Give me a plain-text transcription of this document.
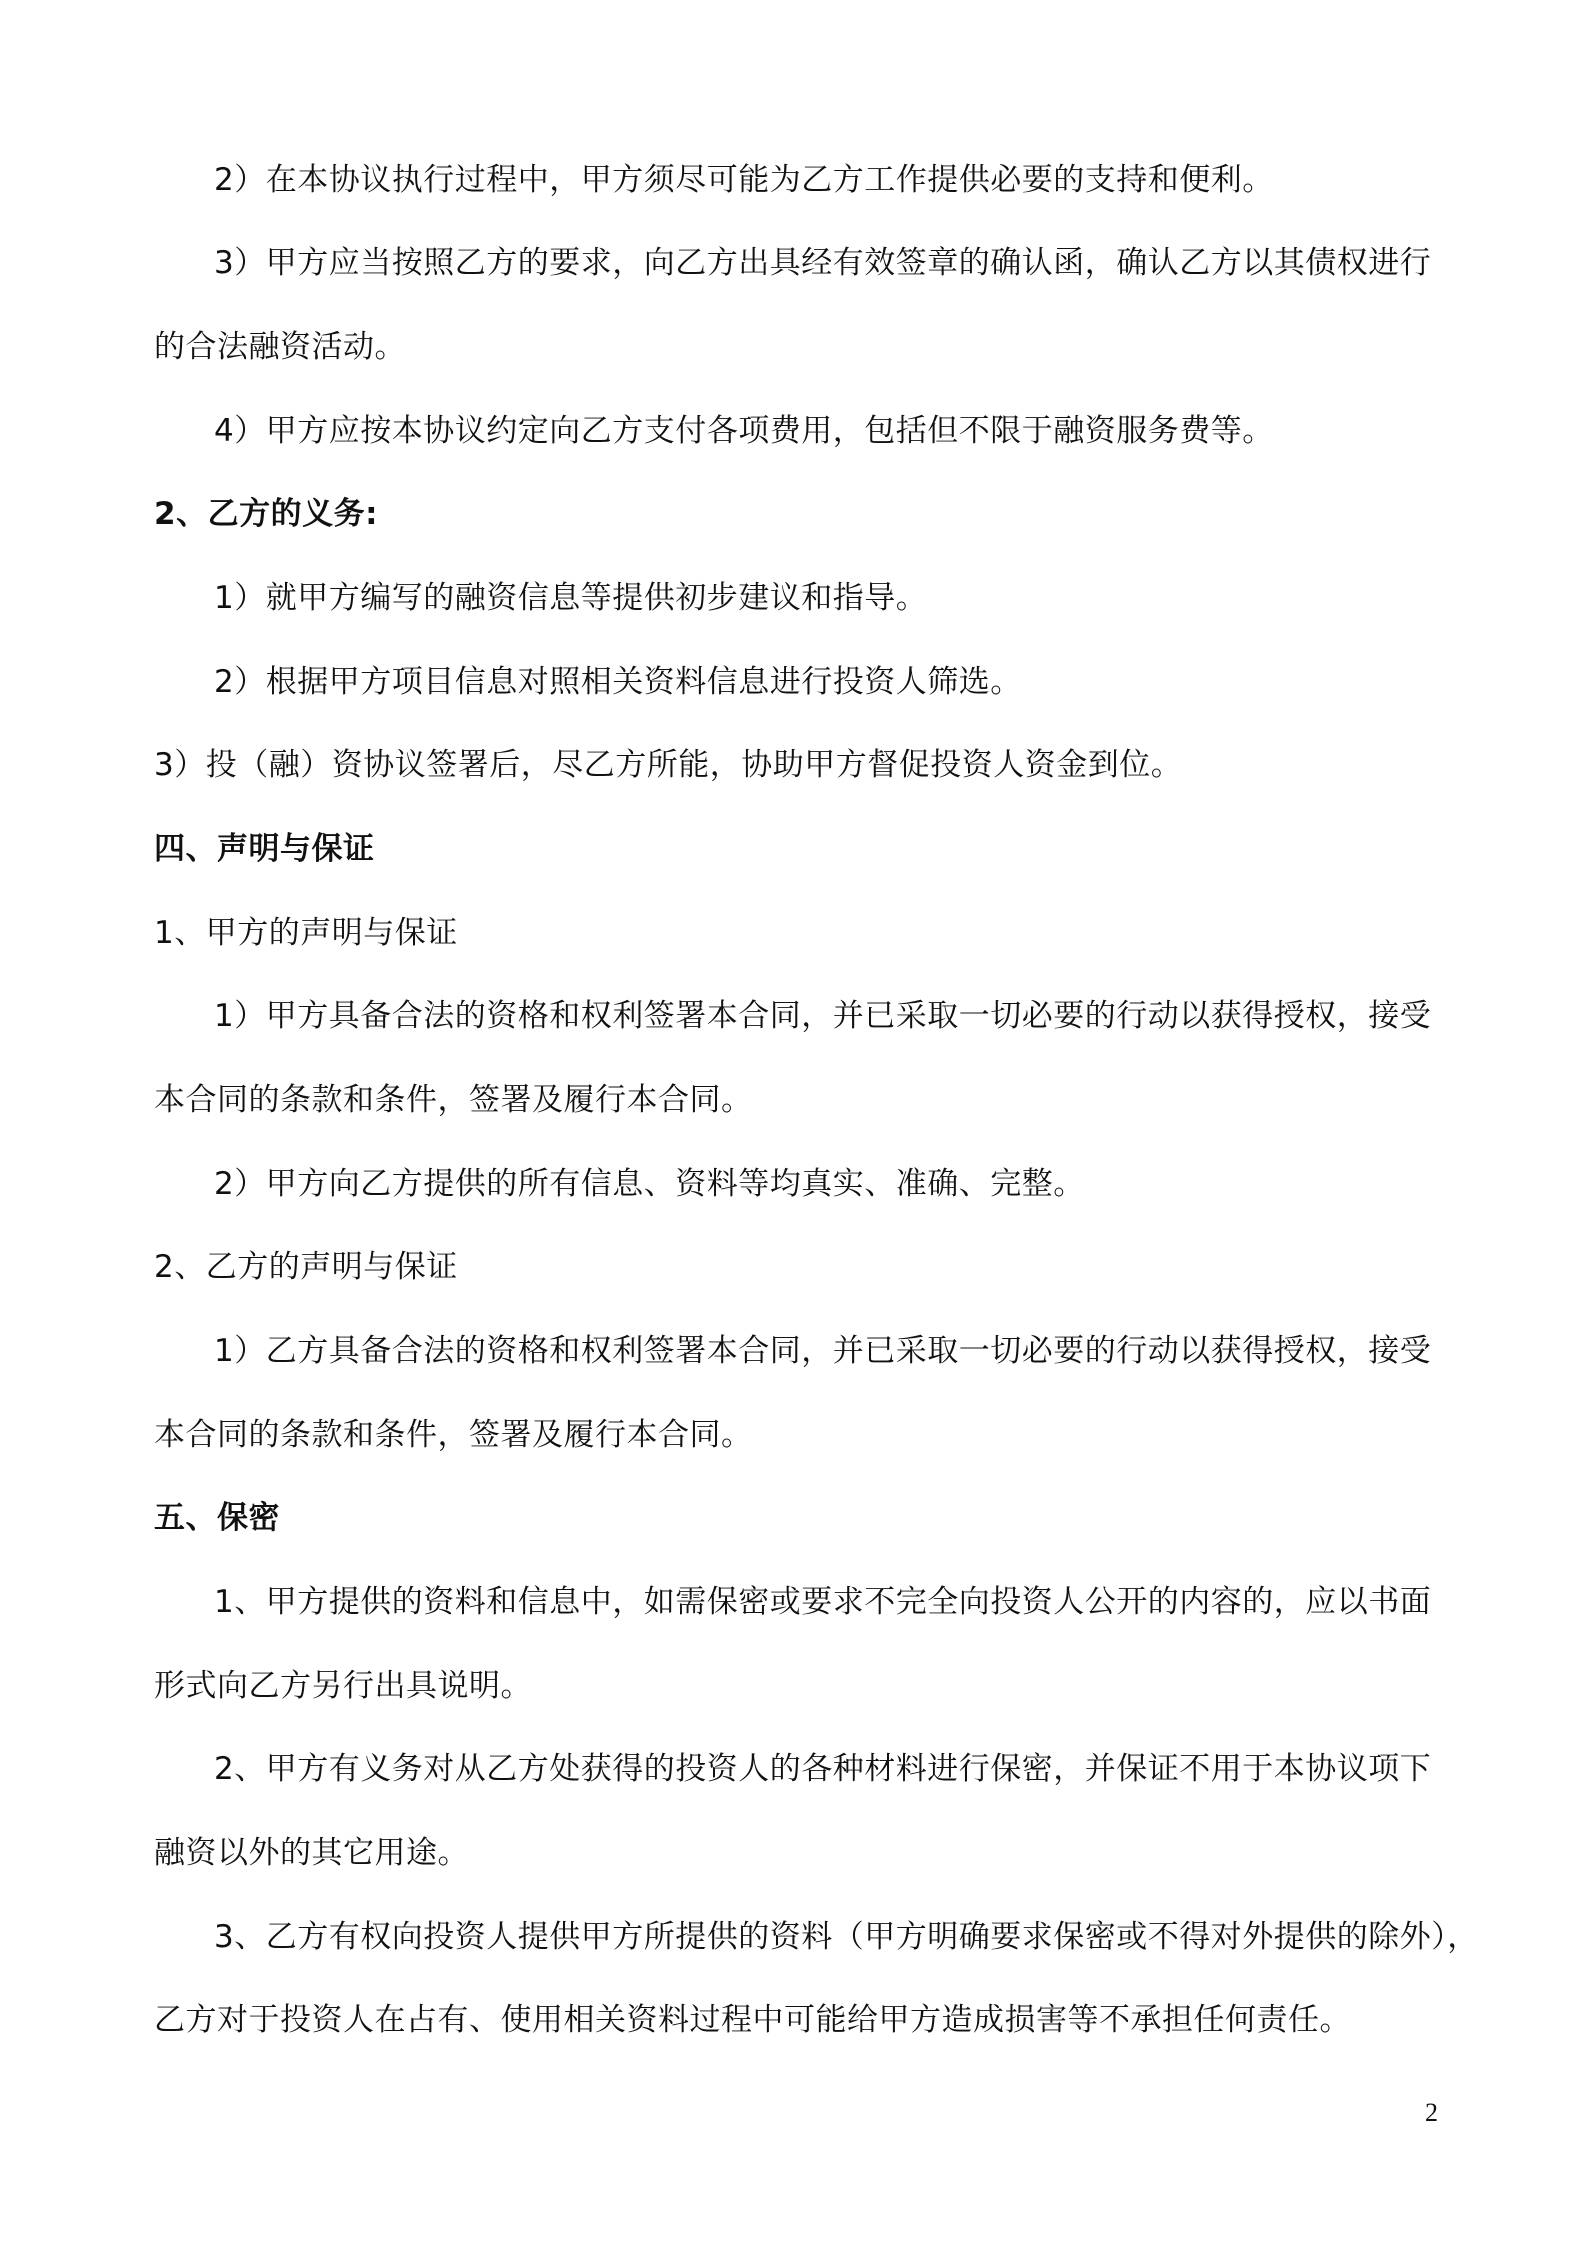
2）在本协议执行过程中，甲方须尽可能为乙方工作提供必要的支持和便利。
3）甲方应当按照乙方的要求，向乙方出具经有效签章的确认函，确认乙方以其债权进行
的合法融资活动。
4）甲方应按本协议约定向乙方支付各项费用，包括但不限于融资服务费等。
2、乙方的义务:
1）就甲方编写的融资信息等提供初步建议和指导。
2）根据甲方项目信息对照相关资料信息进行投资人筛选。
3）投（融）资协议签署后，尽乙方所能，协助甲方督促投资人资金到位。
四、声明与保证
1、甲方的声明与保证
1）甲方具备合法的资格和权利签署本合同，并已采取一切必要的行动以获得授权，接受
本合同的条款和条件，签署及履行本合同。
2）甲方向乙方提供的所有信息、资料等均真实、准确、完整。
2、乙方的声明与保证
1）乙方具备合法的资格和权利签署本合同，并已采取一切必要的行动以获得授权，接受
本合同的条款和条件，签署及履行本合同。
五、保密
1、甲方提供的资料和信息中，如需保密或要求不完全向投资人公开的内容的，应以书面
形式向乙方另行出具说明。
2、甲方有义务对从乙方处获得的投资人的各种材料进行保密，并保证不用于本协议项下
融资以外的其它用途。
3、乙方有权向投资人提供甲方所提供的资料（甲方明确要求保密或不得对外提供的除外），
乙方对于投资人在占有、使用相关资料过程中可能给甲方造成损害等不承担任何责任。
2
